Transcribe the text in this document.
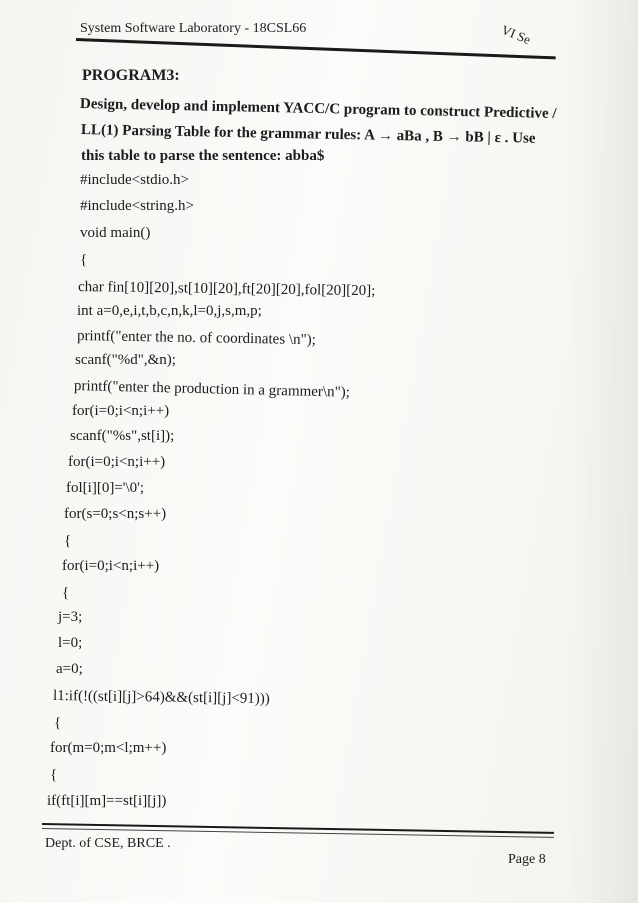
System Software Laboratory - 18CSL66	VI Se
PROGRAM3:
Design, develop and implement YACC/C program to construct Predictive /
LL(1) Parsing Table for the grammar rules: A → aBa , B → bB | ε . Use
this table to parse the sentence: abba$
#include<stdio.h>
#include<string.h>
void main()
{
char fin[10][20],st[10][20],ft[20][20],fol[20][20];
int a=0,e,i,t,b,c,n,k,l=0,j,s,m,p;
printf("enter the no. of coordinates \n");
scanf("%d",&n);
printf("enter the production in a grammer\n");
for(i=0;i<n;i++)
scanf("%s",st[i]);
for(i=0;i<n;i++)
fol[i][0]='\0';
for(s=0;s<n;s++)
{
for(i=0;i<n;i++)
{
j=3;
l=0;
a=0;
l1:if(!((st[i][j]>64)&&(st[i][j]<91)))
{
for(m=0;m<l;m++)
{
if(ft[i][m]==st[i][j])
Dept. of CSE, BRCE .
Page 8
